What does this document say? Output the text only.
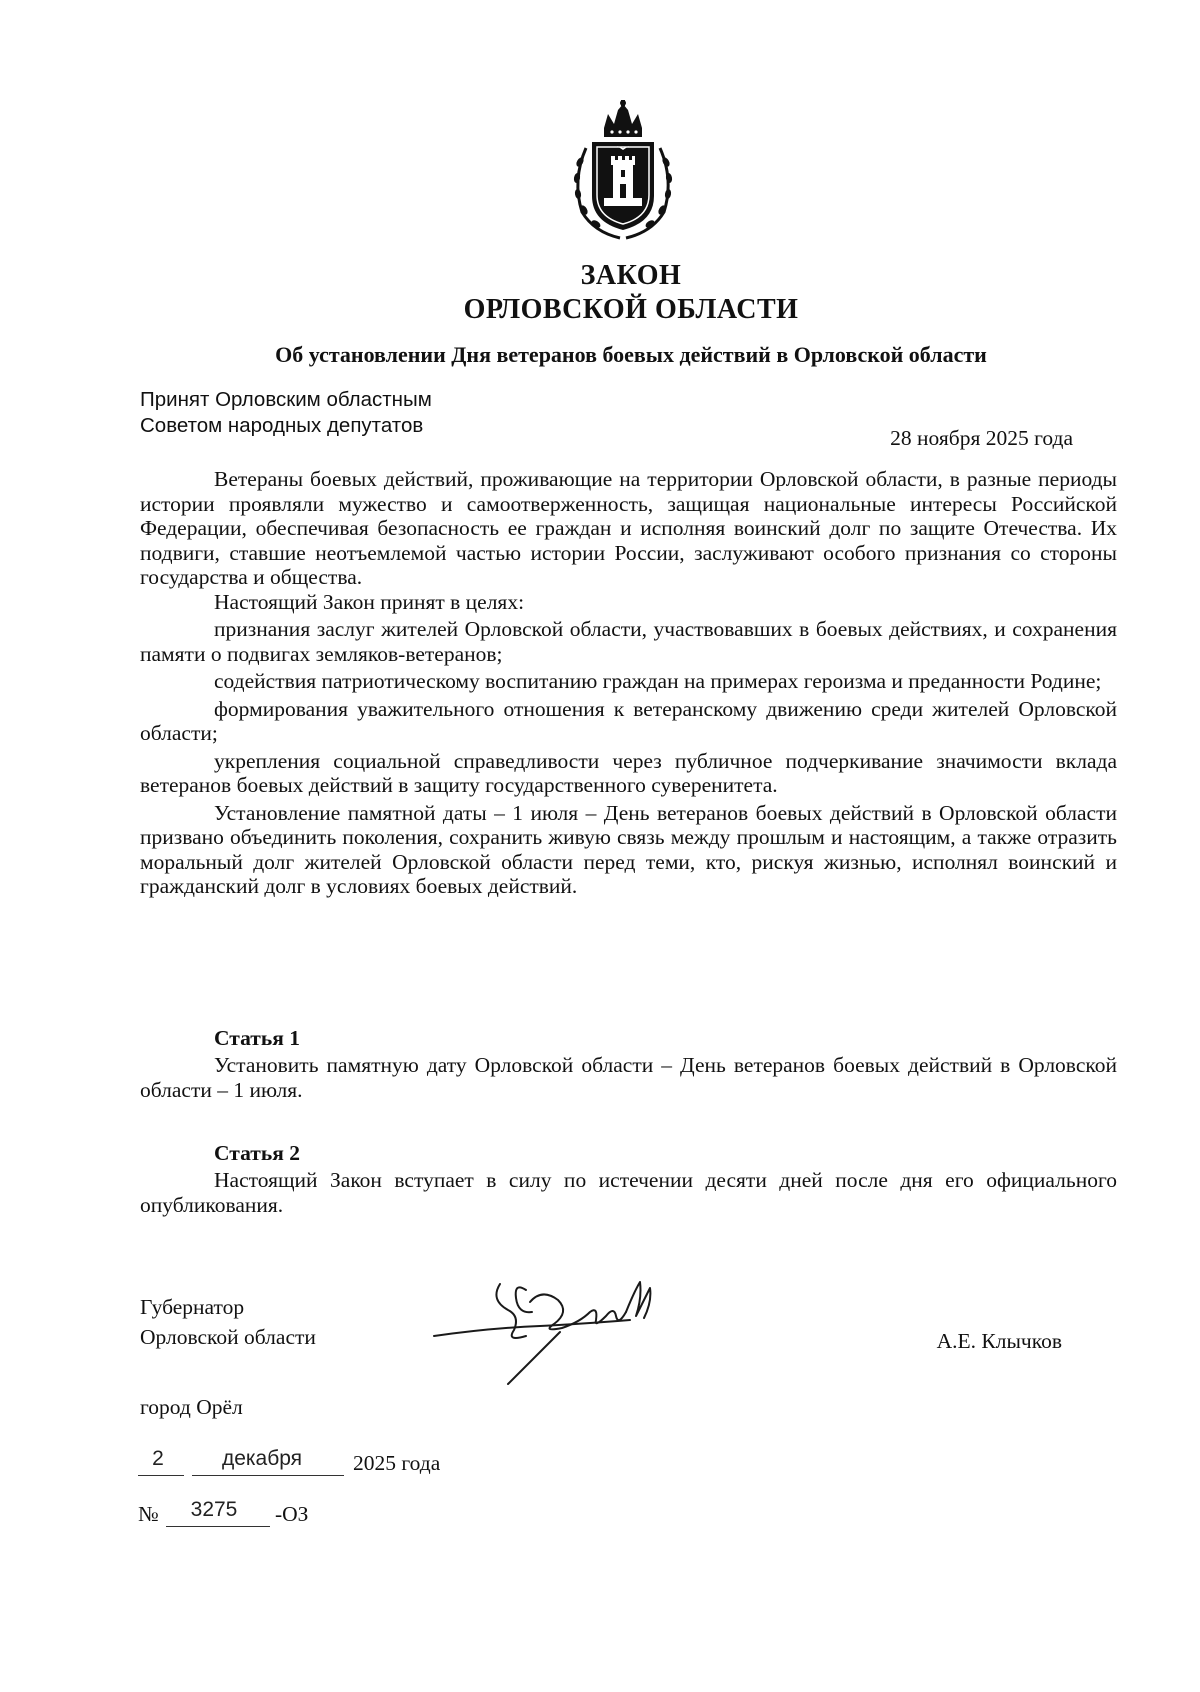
ЗАКОН
ОРЛОВСКОЙ ОБЛАСТИ
Об установлении Дня ветеранов боевых действий в Орловской области
Принят Орловским областным
Советом народных депутатов
28 ноября 2025 года

Ветераны боевых действий, проживающие на территории Орловской области, в разные периоды истории проявляли мужество и самоотверженность, защищая национальные интересы Российской Федерации, обеспечивая безопасность ее граждан и исполняя воинский долг по защите Отечества. Их подвиги, ставшие неотъемлемой частью истории России, заслуживают особого признания со стороны государства и общества.

Настоящий Закон принят в целях:

признания заслуг жителей Орловской области, участвовавших в боевых действиях, и сохранения памяти о подвигах земляков-ветеранов;

содействия патриотическому воспитанию граждан на примерах героизма и преданности Родине;

формирования уважительного отношения к ветеранскому движению среди жителей Орловской области;

укрепления социальной справедливости через публичное подчеркивание значимости вклада ветеранов боевых действий в защиту государственного суверенитета.

Установление памятной даты – 1 июля – День ветеранов боевых действий в Орловской области призвано объединить поколения, сохранить живую связь между прошлым и настоящим, а также отразить моральный долг жителей Орловской области перед теми, кто, рискуя жизнью, исполнял воинский и гражданский долг в условиях боевых действий.

Статья 1

Установить памятную дату Орловской области – День ветеранов боевых действий в Орловской области – 1 июля.

Статья 2

Настоящий Закон вступает в силу по истечении десяти дней после дня его официального опубликования.

Губернатор
Орловской области	А.Е. Клычков
город Орёл
2	декабря	2025 года
№	3275	-ОЗ
